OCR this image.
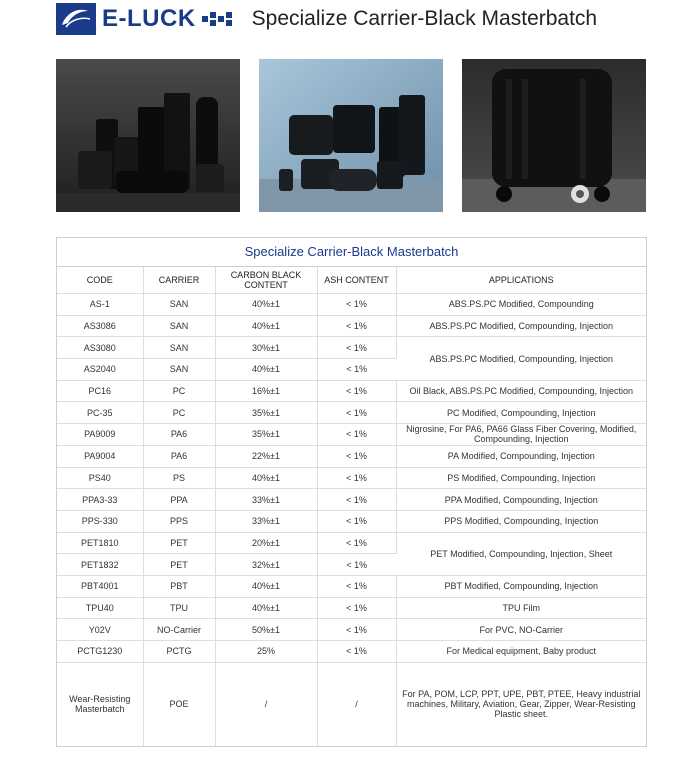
E-LUCK	Specialize Carrier-Black Masterbatch
Specialize Carrier-Black Masterbatch
CODE	CARRIER	CARBON BLACK CONTENT	ASH CONTENT	APPLICATIONS
AS-1	SAN	40%±1	< 1%	ABS.PS.PC Modified, Compounding
AS3086	SAN	40%±1	< 1%	ABS.PS.PC Modified, Compounding, Injection
AS3080	SAN	30%±1	< 1%	ABS.PS.PC Modified, Compounding, Injection
AS2040	SAN	40%±1	< 1%	
PC16	PC	16%±1	< 1%	Oil Black, ABS.PS.PC Modified, Compounding, Injection
PC-35	PC	35%±1	< 1%	PC Modified, Compounding, Injection
PA9009	PA6	35%±1	< 1%	Nigrosine, For PA6, PA66 Glass Fiber Covering, Modified, Compounding, Injection
PA9004	PA6	22%±1	< 1%	PA Modified, Compounding, Injection
PS40	PS	40%±1	< 1%	PS Modified, Compounding, Injection
PPA3-33	PPA	33%±1	< 1%	PPA Modified, Compounding, Injection
PPS-330	PPS	33%±1	< 1%	PPS Modified, Compounding, Injection
PET1810	PET	20%±1	< 1%	PET Modified, Compounding, Injection, Sheet
PET1832	PET	32%±1	< 1%	
PBT4001	PBT	40%±1	< 1%	PBT Modified, Compounding, Injection
TPU40	TPU	40%±1	< 1%	TPU Film
Y02V	NO-Carrier	50%±1	< 1%	For PVC, NO-Carrier
PCTG1230	PCTG	25%	< 1%	For Medical equipment, Baby product
Wear-Resisting Masterbatch	POE	/	/	For PA, POM, LCP, PPT, UPE, PBT, PTEE, Heavy industrial machines, Military, Aviation, Gear, Zipper, Wear-Resisting Plastic sheet.
